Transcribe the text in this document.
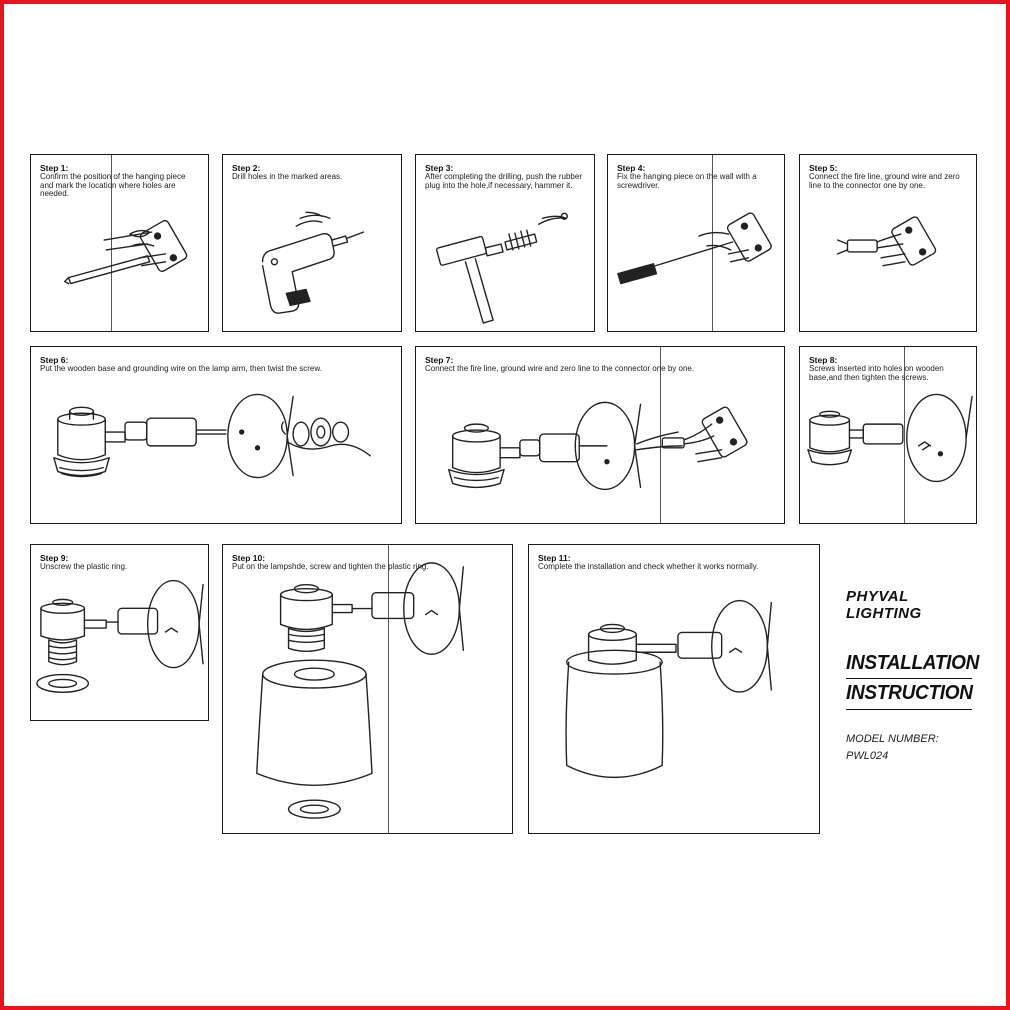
Step 1:
Confirm the position of the hanging piece and mark the location where holes are needed.
Step 2:
Drill holes in the marked areas.
Step 3:
After completing the drilling, push the rubber plug into the hole,if necessary, hammer it.
Step 4:
Fix the hanging piece on the wall with a screwdriver.
Step 5:
Connect the fire line, ground wire and zero line to the connector one by one.
Step 6:
Put the wooden base and grounding wire on the lamp arm, then twist the screw.
Step 7:
Connect the fire line, ground wire and zero line to the connector one by one.
Step 8:
Screws inserted into holes on wooden base,and then tighten the screws.
Step 9:
Unscrew the plastic ring.
Step 10:
Put on the lampshde, screw and tighten the plastic ring.
Step 11:
Complete the installation and check whether it works normally.
PHYVAL
LIGHTING
INSTALLATION
INSTRUCTION
MODEL NUMBER:
PWL024
